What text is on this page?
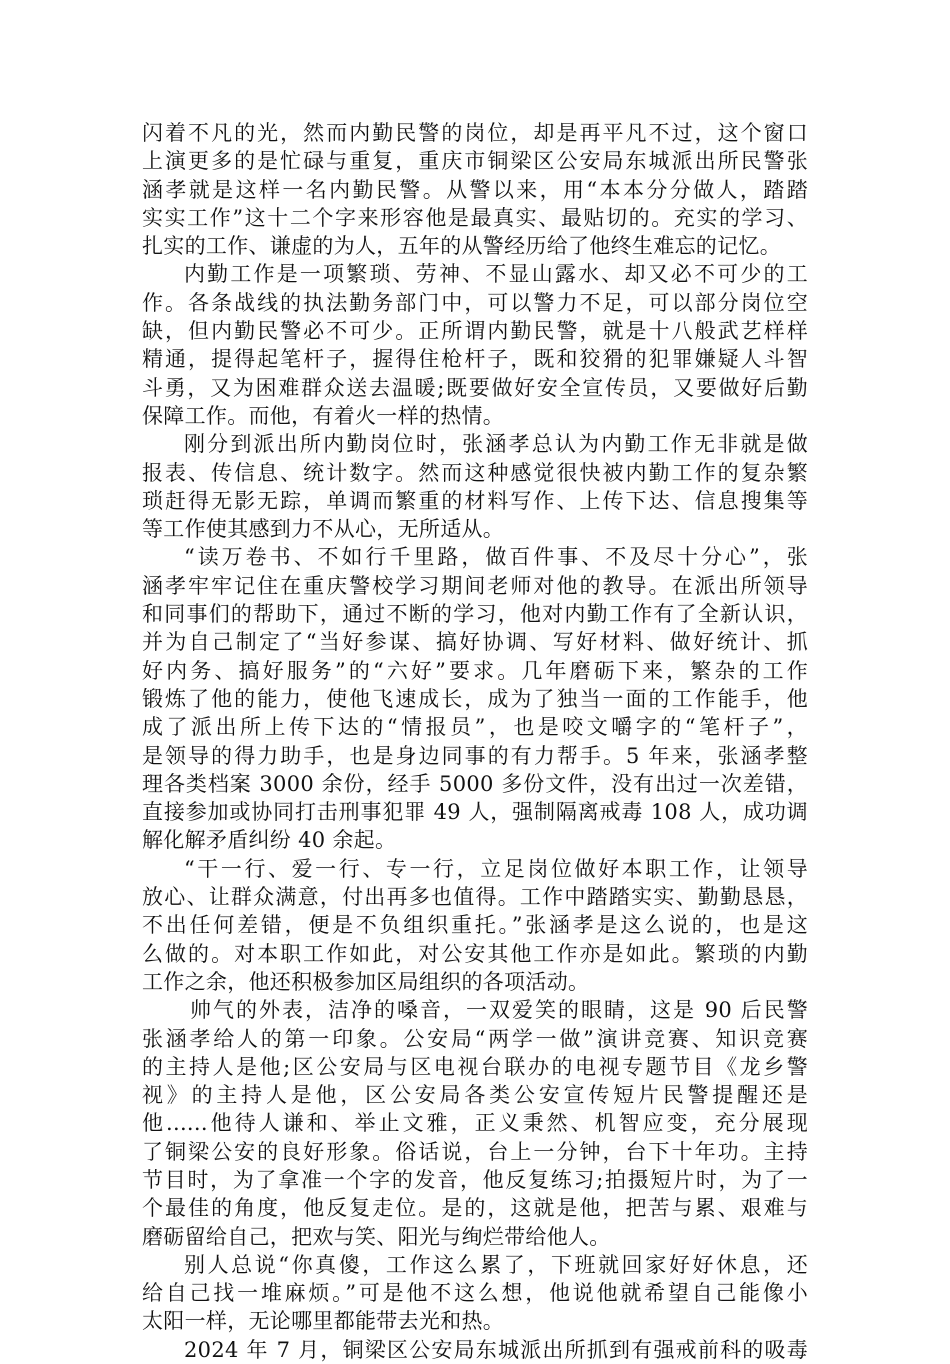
闪着不凡的光，然而内勤民警的岗位，却是再平凡不过，这个窗口
上演更多的是忙碌与重复，重庆市铜梁区公安局东城派出所民警张
涵孝就是这样一名内勤民警。从警以来，用“本本分分做人，踏踏
实实工作”这十二个字来形容他是最真实、最贴切的。充实的学习、
扎实的工作、谦虚的为人，五年的从警经历给了他终生难忘的记忆。
内勤工作是一项繁琐、劳神、不显山露水、却又必不可少的工
作。各条战线的执法勤务部门中，可以警力不足，可以部分岗位空
缺，但内勤民警必不可少。正所谓内勤民警，就是十八般武艺样样
精通，提得起笔杆子，握得住枪杆子，既和狡猾的犯罪嫌疑人斗智
斗勇，又为困难群众送去温暖;既要做好安全宣传员，又要做好后勤
保障工作。而他，有着火一样的热情。
刚分到派出所内勤岗位时，张涵孝总认为内勤工作无非就是做
报表、传信息、统计数字。然而这种感觉很快被内勤工作的复杂繁
琐赶得无影无踪，单调而繁重的材料写作、上传下达、信息搜集等
等工作使其感到力不从心，无所适从。
“读万卷书、不如行千里路，做百件事、不及尽十分心”，张
涵孝牢牢记住在重庆警校学习期间老师对他的教导。在派出所领导
和同事们的帮助下，通过不断的学习，他对内勤工作有了全新认识，
并为自己制定了“当好参谋、搞好协调、写好材料、做好统计、抓
好内务、搞好服务”的“六好”要求。几年磨砺下来，繁杂的工作
锻炼了他的能力，使他飞速成长，成为了独当一面的工作能手，他
成了派出所上传下达的“情报员”，也是咬文嚼字的“笔杆子”，
是领导的得力助手，也是身边同事的有力帮手。5 年来，张涵孝整
理各类档案 3000 余份，经手 5000 多份文件，没有出过一次差错，
直接参加或协同打击刑事犯罪 49 人，强制隔离戒毒 108 人，成功调
解化解矛盾纠纷 40 余起。
“干一行、爱一行、专一行，立足岗位做好本职工作，让领导
放心、让群众满意，付出再多也值得。工作中踏踏实实、勤勤恳恳，
不出任何差错，便是不负组织重托。”张涵孝是这么说的，也是这
么做的。对本职工作如此，对公安其他工作亦是如此。繁琐的内勤
工作之余，他还积极参加区局组织的各项活动。
帅气的外表，洁净的嗓音，一双爱笑的眼睛，这是 90 后民警
张涵孝给人的第一印象。公安局“两学一做”演讲竞赛、知识竞赛
的主持人是他;区公安局与区电视台联办的电视专题节目《龙乡警
视》的主持人是他，区公安局各类公安宣传短片民警提醒还是
他......他待人谦和、举止文雅，正义秉然、机智应变，充分展现
了铜梁公安的良好形象。俗话说，台上一分钟，台下十年功。主持
节目时，为了拿准一个字的发音，他反复练习;拍摄短片时，为了一
个最佳的角度，他反复走位。是的，这就是他，把苦与累、艰难与
磨砺留给自己，把欢与笑、阳光与绚烂带给他人。
别人总说“你真傻，工作这么累了，下班就回家好好休息，还
给自己找一堆麻烦。”可是他不这么想，他说他就希望自己能像小
太阳一样，无论哪里都能带去光和热。
2024 年 7 月，铜梁区公安局东城派出所抓到有强戒前科的吸毒
